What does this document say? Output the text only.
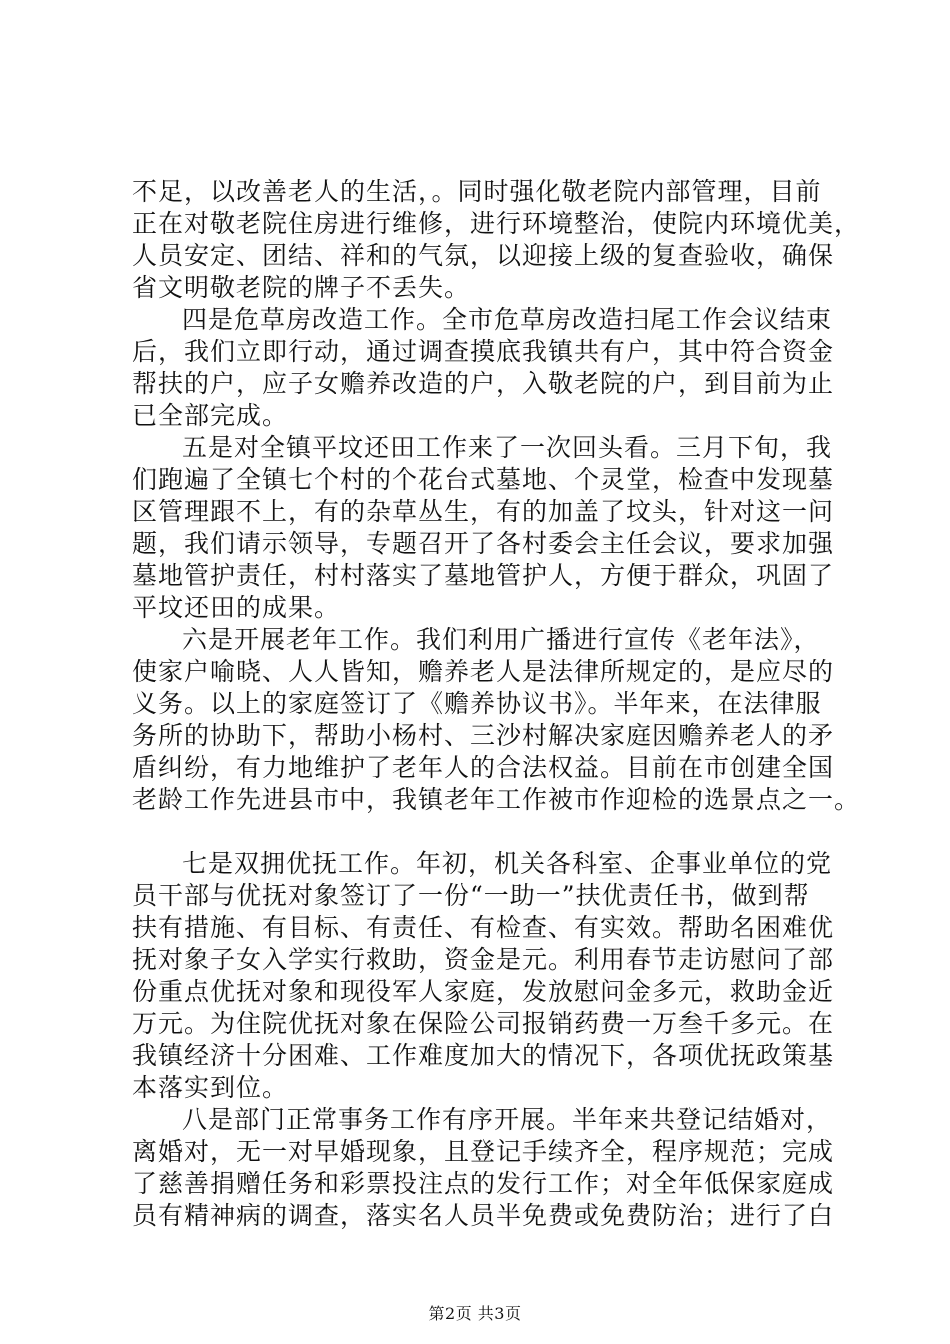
不足，以改善老人的生活，。同时强化敬老院内部管理，目前
正在对敬老院住房进行维修，进行环境整治，使院内环境优美，
人员安定、团结、祥和的气氛，以迎接上级的复查验收，确保
省文明敬老院的牌子不丢失。
四是危草房改造工作。全市危草房改造扫尾工作会议结束
后，我们立即行动，通过调查摸底我镇共有户，其中符合资金
帮扶的户，应子女赡养改造的户，入敬老院的户，到目前为止
已全部完成。
五是对全镇平坟还田工作来了一次回头看。三月下旬，我
们跑遍了全镇七个村的个花台式墓地、个灵堂，检查中发现墓
区管理跟不上，有的杂草丛生，有的加盖了坟头，针对这一问
题，我们请示领导，专题召开了各村委会主任会议，要求加强
墓地管护责任，村村落实了墓地管护人，方便于群众，巩固了
平坟还田的成果。
六是开展老年工作。我们利用广播进行宣传《老年法》，
使家户喻晓、人人皆知，赡养老人是法律所规定的，是应尽的
义务。以上的家庭签订了《赡养协议书》。半年来，在法律服
务所的协助下，帮助小杨村、三沙村解决家庭因赡养老人的矛
盾纠纷，有力地维护了老年人的合法权益。目前在市创建全国
老龄工作先进县市中，我镇老年工作被市作迎检的选景点之一。
七是双拥优抚工作。年初，机关各科室、企事业单位的党
员干部与优抚对象签订了一份“一助一”扶优责任书，做到帮
扶有措施、有目标、有责任、有检查、有实效。帮助名困难优
抚对象子女入学实行救助，资金是元。利用春节走访慰问了部
份重点优抚对象和现役军人家庭，发放慰问金多元，救助金近
万元。为住院优抚对象在保险公司报销药费一万叁千多元。在
我镇经济十分困难、工作难度加大的情况下，各项优抚政策基
本落实到位。
八是部门正常事务工作有序开展。半年来共登记结婚对，
离婚对，无一对早婚现象，且登记手续齐全，程序规范；完成
了慈善捐赠任务和彩票投注点的发行工作；对全年低保家庭成
员有精神病的调查，落实名人员半免费或免费防治；进行了白
第2页 共3页
